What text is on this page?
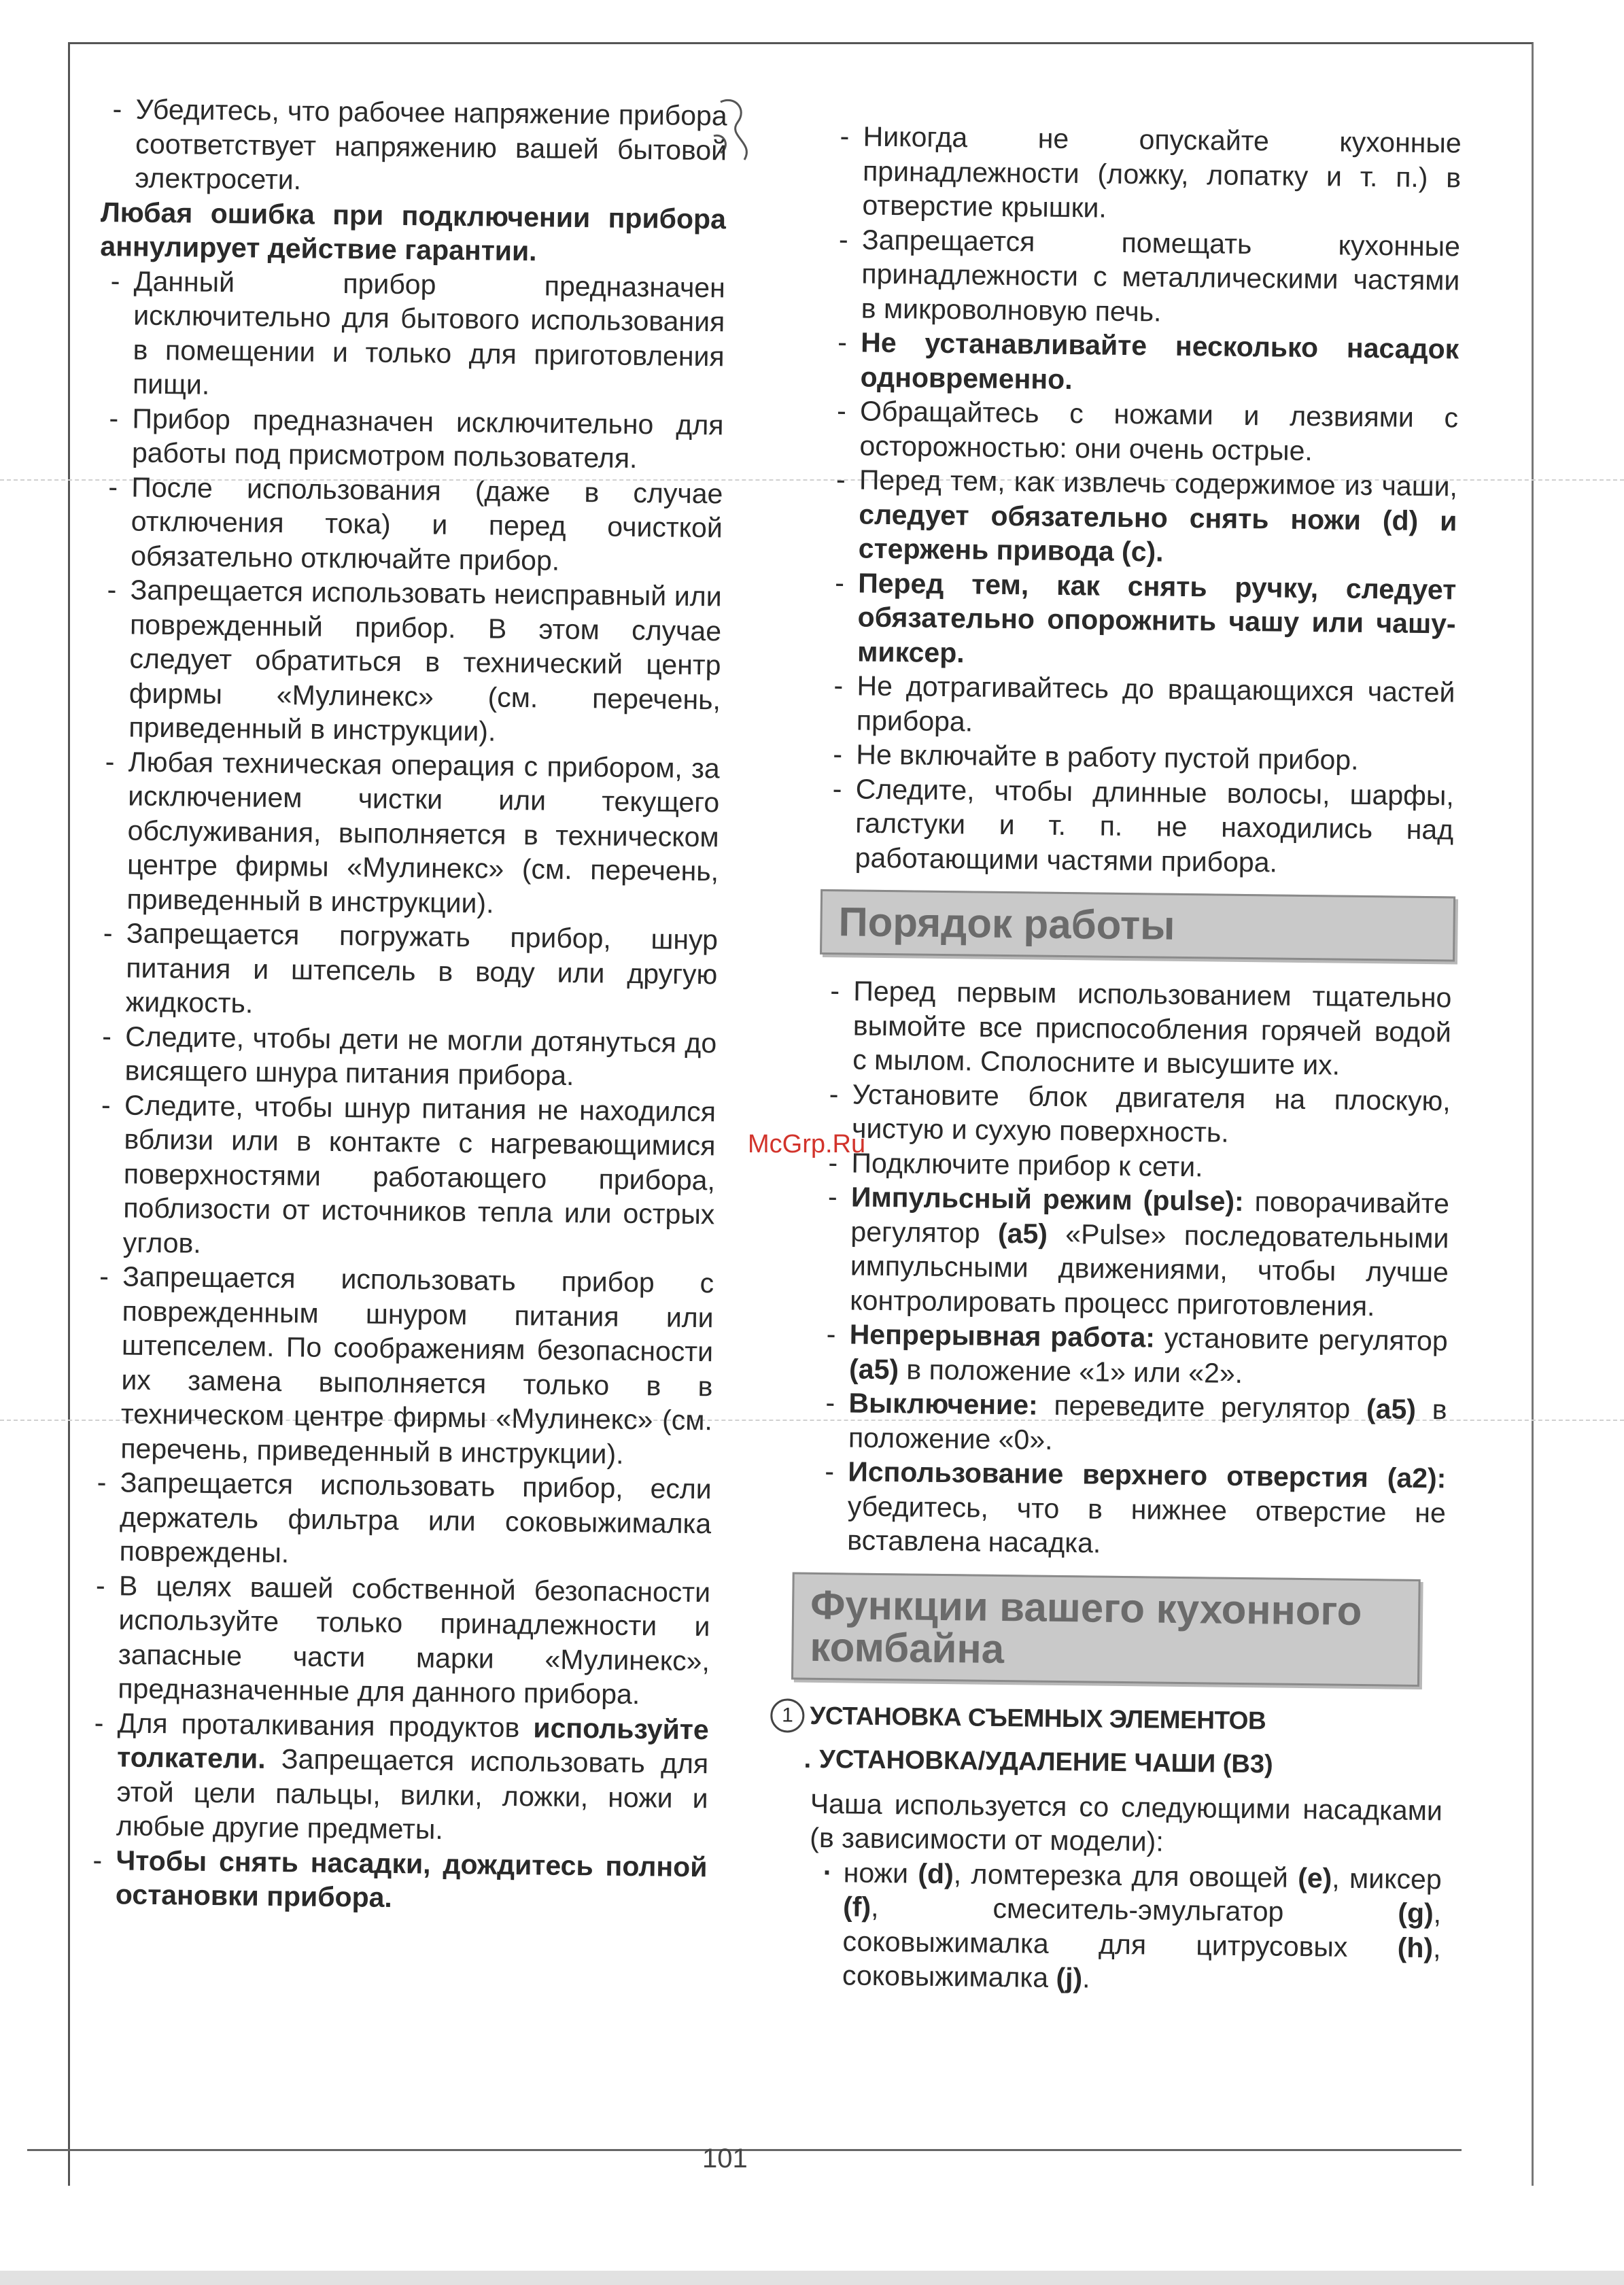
- Убедитесь, что рабочее напряжение прибора соответствует напряжению вашей бытовой электросети.

Любая ошибка при подключении прибора аннулирует действие гарантии.

- Данный прибор предназначен исключительно для бытового использования в помещении и только для приготовления пищи.

- Прибор предназначен исключительно для работы под присмотром пользователя.

- После использования (даже в случае отключения тока) и перед очисткой обязательно отключайте прибор.

- Запрещается использовать неисправный или поврежденный прибор. В этом случае следует обратиться в технический центр фирмы «Мулинекс» (см. перечень, приведенный в инструкции).

- Любая техническая операция с прибором, за исключением чистки или текущего обслуживания, выполняется в техническом центре фирмы «Мулинекс» (см. перечень, приведенный в инструкции).

- Запрещается погружать прибор, шнур питания и штепсель в воду или другую жидкость.

- Следите, чтобы дети не могли дотянуться до висящего шнура питания прибора.

- Следите, чтобы шнур питания не находился вблизи или в контакте с нагревающимися поверхностями работающего прибора, поблизости от источников тепла или острых углов.

- Запрещается использовать прибор с поврежденным шнуром питания или штепселем. По соображениям безопасности их замена выполняется только в в техническом центре фирмы «Мулинекс» (см. перечень, приведенный в инструкции).

- Запрещается использовать прибор, если держатель фильтра или соковыжималка повреждены.

- В целях вашей собственной безопасности используйте только принадлежности и запасные части марки «Мулинекс», предназначенные для данного прибора.

- Для проталкивания продуктов используйте толкатели. Запрещается использовать для этой цели пальцы, вилки, ложки, ножи и любые другие предметы.

- Чтобы снять насадки, дождитесь полной остановки прибора.

- Никогда не опускайте кухонные принадлежности (ложку, лопатку и т. п.) в отверстие крышки.

- Запрещается помещать кухонные принадлежности с металлическими частями в микроволновую печь.

- Не устанавливайте несколько насадок одновременно.

- Обращайтесь с ножами и лезвиями с осторожностью: они очень острые.

- Перед тем, как извлечь содержимое из чаши, следует обязательно снять ножи (d) и стержень привода (c).

- Перед тем, как снять ручку, следует обязательно опорожнить чашу или чашу-миксер.

- Не дотрагивайтесь до вращающихся частей прибора.

- Не включайте в работу пустой прибор.

- Следите, чтобы длинные волосы, шарфы, галстуки и т. п. не находились над работающими частями прибора.

Порядок работы

- Перед первым использованием тщательно вымойте все приспособления горячей водой с мылом. Сполосните и высушите их.

- Установите блок двигателя на плоскую, чистую и сухую поверхность.

- Подключите прибор к сети.

- Импульсный режим (pulse): поворачивайте регулятор (a5) «Pulse» последовательными импульсными движениями, чтобы лучше контролировать процесс приготовления.

- Непрерывная работа: установите регулятор (a5) в положение «1» или «2».

- Выключение: переведите регулятор (a5) в положение «0».

- Использование верхнего отверстия (a2): убедитесь, что в нижнее отверстие не вставлена насадка.

Функции вашего кухонного комбайна
1 УСТАНОВКА СЪЕМНЫХ ЭЛЕМЕНТОВ
. УСТАНОВКА/УДАЛЕНИЕ ЧАШИ (B3)

Чаша используется со следующими насадками (в зависимости от модели):

· ножи (d), ломтерезка для овощей (e), миксер (f), смеситель-эмульгатор (g), соковыжималка для цитрусовых (h), соковыжималка (j).

McGrp.Ru
101
